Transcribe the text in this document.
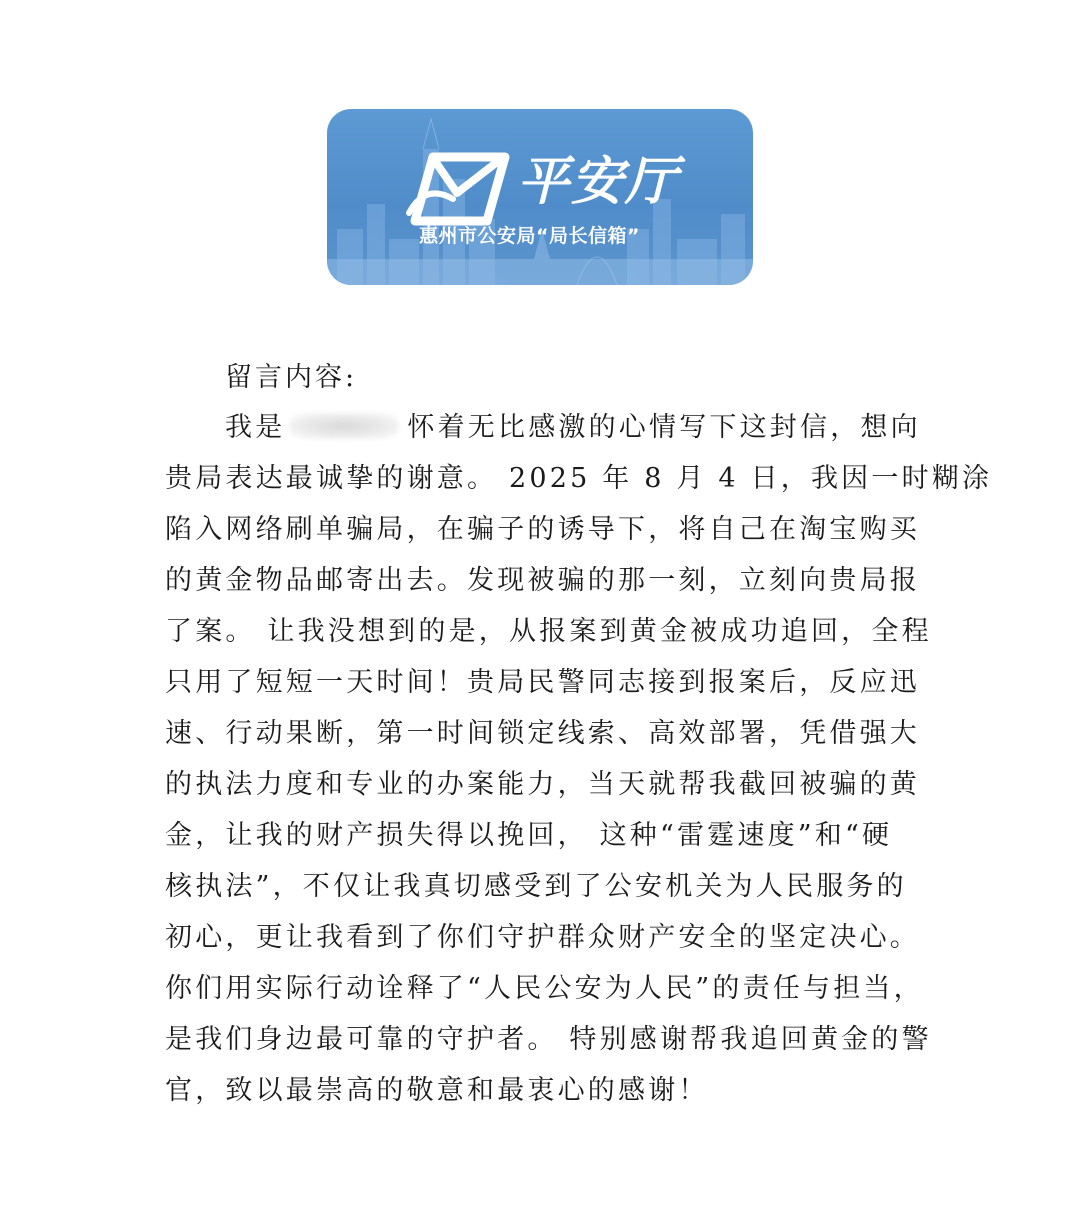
平安厅
惠州市公安局“局长信箱”
留言内容:
我是	怀着无比感激的心情写下这封信，想向
贵局表达最诚挚的谢意。 2025 年 8 月 4 日，我因一时糊涂
陷入网络刷单骗局，在骗子的诱导下，将自己在淘宝购买
的黄金物品邮寄出去。发现被骗的那一刻，立刻向贵局报
了案。 让我没想到的是，从报案到黄金被成功追回，全程
只用了短短一天时间！贵局民警同志接到报案后，反应迅
速、行动果断，第一时间锁定线索、高效部署，凭借强大
的执法力度和专业的办案能力，当天就帮我截回被骗的黄
金，让我的财产损失得以挽回， 这种“雷霆速度”和“硬
核执法”，不仅让我真切感受到了公安机关为人民服务的
初心，更让我看到了你们守护群众财产安全的坚定决心。
你们用实际行动诠释了“人民公安为人民”的责任与担当，
是我们身边最可靠的守护者。 特别感谢帮我追回黄金的警
官，致以最崇高的敬意和最衷心的感谢！
